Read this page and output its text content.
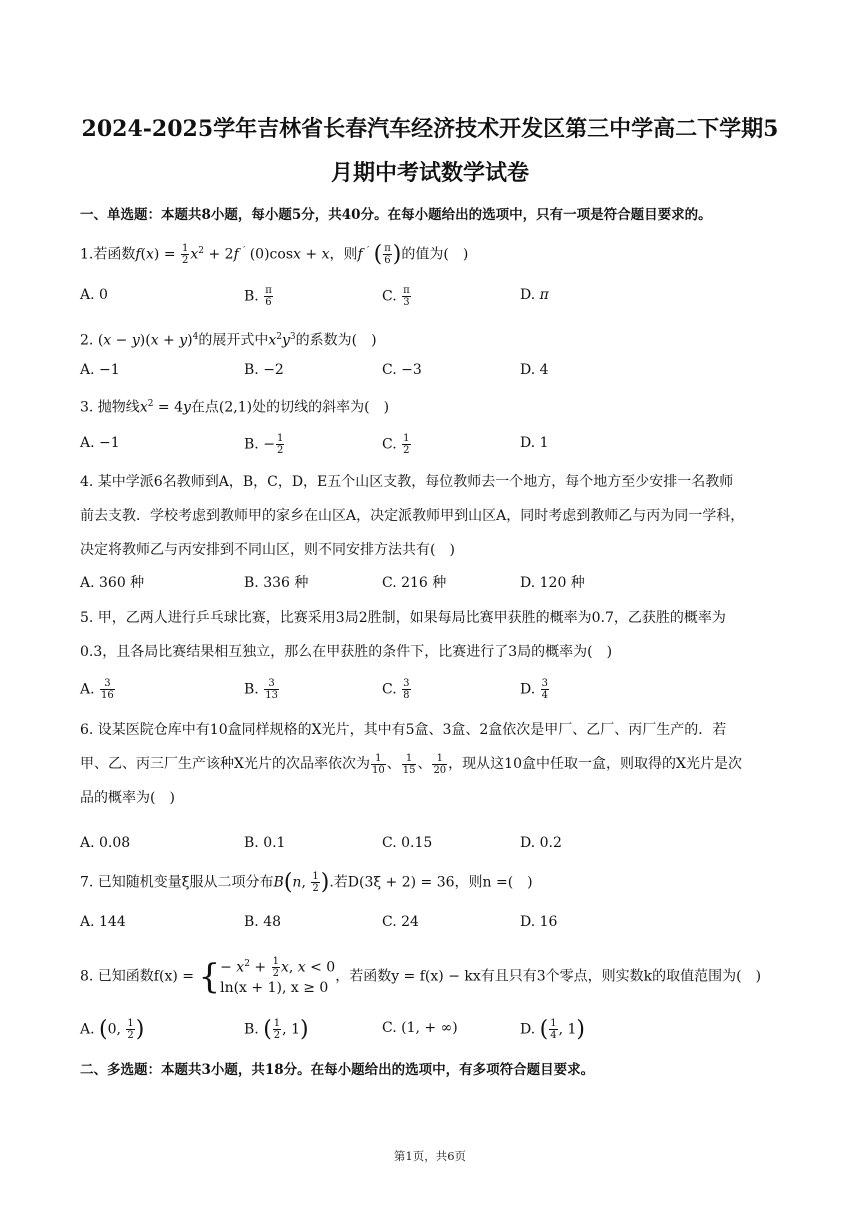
2024-2025学年吉林省长春汽车经济技术开发区第三中学高二下学期5
月期中考试数学试卷
一、单选题：本题共8小题，每小题5分，共40分。在每小题给出的选项中，只有一项是符合题目要求的。
1.若函数$f(x) = \frac{1}{2} x^2 + 2f$ ′ (0)cosx + x，则f ′ ( $\frac{\pi}{6}$ )的值为(　)
A. 0	B. $\frac{\pi}{6}$	C. $\frac{\pi}{3}$	D. π
2. $(x - y)(x + y)^4$的展开式中$x^2y^3$的系数为(　)
A. −1	B. −2	C. −3	D. 4
3. 抛物线$x^2 = 4y$在点(2,1)处的切线的斜率为(　)
A. −1	B. − $\frac{1}{2}$	C. $\frac{1}{2}$	D. 1
4. 某中学派6名教师到A，B，C，D，E五个山区支教，每位教师去一个地方，每个地方至少安排一名教师
前去支教．学校考虑到教师甲的家乡在山区A，决定派教师甲到山区A，同时考虑到教师乙与丙为同一学科，
决定将教师乙与丙安排到不同山区，则不同安排方法共有(　)
A. 360 种	B. 336 种	C. 216 种	D. 120 种
5. 甲，乙两人进行乒乓球比赛，比赛采用3局2胜制，如果每局比赛甲获胜的概率为0.7，乙获胜的概率为
0.3，且各局比赛结果相互独立，那么在甲获胜的条件下，比赛进行了3局的概率为(　)
A. $\frac{3}{16}$	B. $\frac{3}{13}$	C. $\frac{3}{8}$	D. $\frac{3}{4}$
6. 设某医院仓库中有10盒同样规格的X光片，其中有5盒、3盒、2盒依次是甲厂、乙厂、丙厂生产的．若
甲、乙、丙三厂生产该种X光片的次品率依次为 $\frac{1}{10}$ 、 $\frac{1}{15}$ 、 $\frac{1}{20}$ ，现从这10盒中任取一盒，则取得的X光片是次
品的概率为(　)
A. 0.08	B. 0.1	C. 0.15	D. 0.2
7. 已知随机变量ξ服从二项分布B(n, $\frac{1}{2}$ ).若D(3ξ + 2) = 36，则n =(　)
A. 144	B. 48	C. 24	D. 16
8. 已知函数f(x) = { − $x^2 + \frac{1}{2} x$, x < 0
ln(x + 1), x ≥ 0
，若函数y = f(x) − kx有且只有3个零点，则实数k的取值范围为(　)
A. (0, $\frac{1}{2}$ )	B. ( $\frac{1}{2}$ , 1)	C. (1, + ∞)	D. ( $\frac{1}{4}$ , 1)
二、多选题：本题共3小题，共18分。在每小题给出的选项中，有多项符合题目要求。
第1页，共6页
